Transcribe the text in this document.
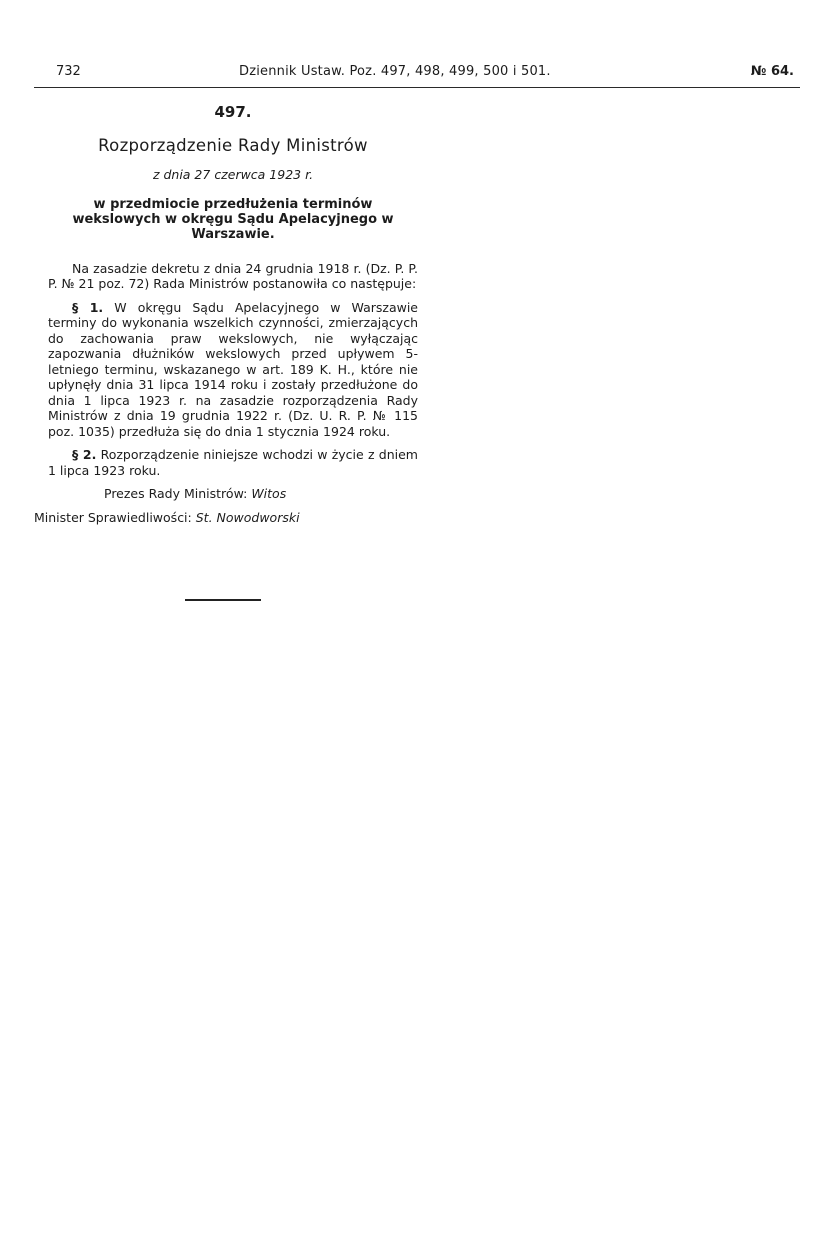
732	Dziennik Ustaw. Poz. 497, 498, 499, 500 i 501.	№ 64.
497.
Rozporządzenie Rady Ministrów
z dnia 27 czerwca 1923 r.
w przedmiocie przedłużenia terminów wekslowych w okręgu Sądu Apelacyjnego w Warszawie.

Na zasadzie dekretu z dnia 24 grudnia 1918 r. (Dz. P. P. P. № 21 poz. 72) Rada Ministrów postanowiła co następuje:

§ 1. W okręgu Sądu Apelacyjnego w Warszawie terminy do wykonania wszelkich czynności, zmierzających do zachowania praw wekslowych, nie wyłączając zapozwania dłużników wekslowych przed upływem 5-letniego terminu, wskazanego w art. 189 K. H., które nie upłynęły dnia 31 lipca 1914 roku i zostały przedłużone do dnia 1 lipca 1923 r. na zasadzie rozporządzenia Rady Ministrów z dnia 19 grudnia 1922 r. (Dz. U. R. P. № 115 poz. 1035) przedłuża się do dnia 1 stycznia 1924 roku.

§ 2. Rozporządzenie niniejsze wchodzi w życie z dniem 1 lipca 1923 roku.

Prezes Rady Ministrów: Witos
Minister Sprawiedliwości: St. Nowodworski
